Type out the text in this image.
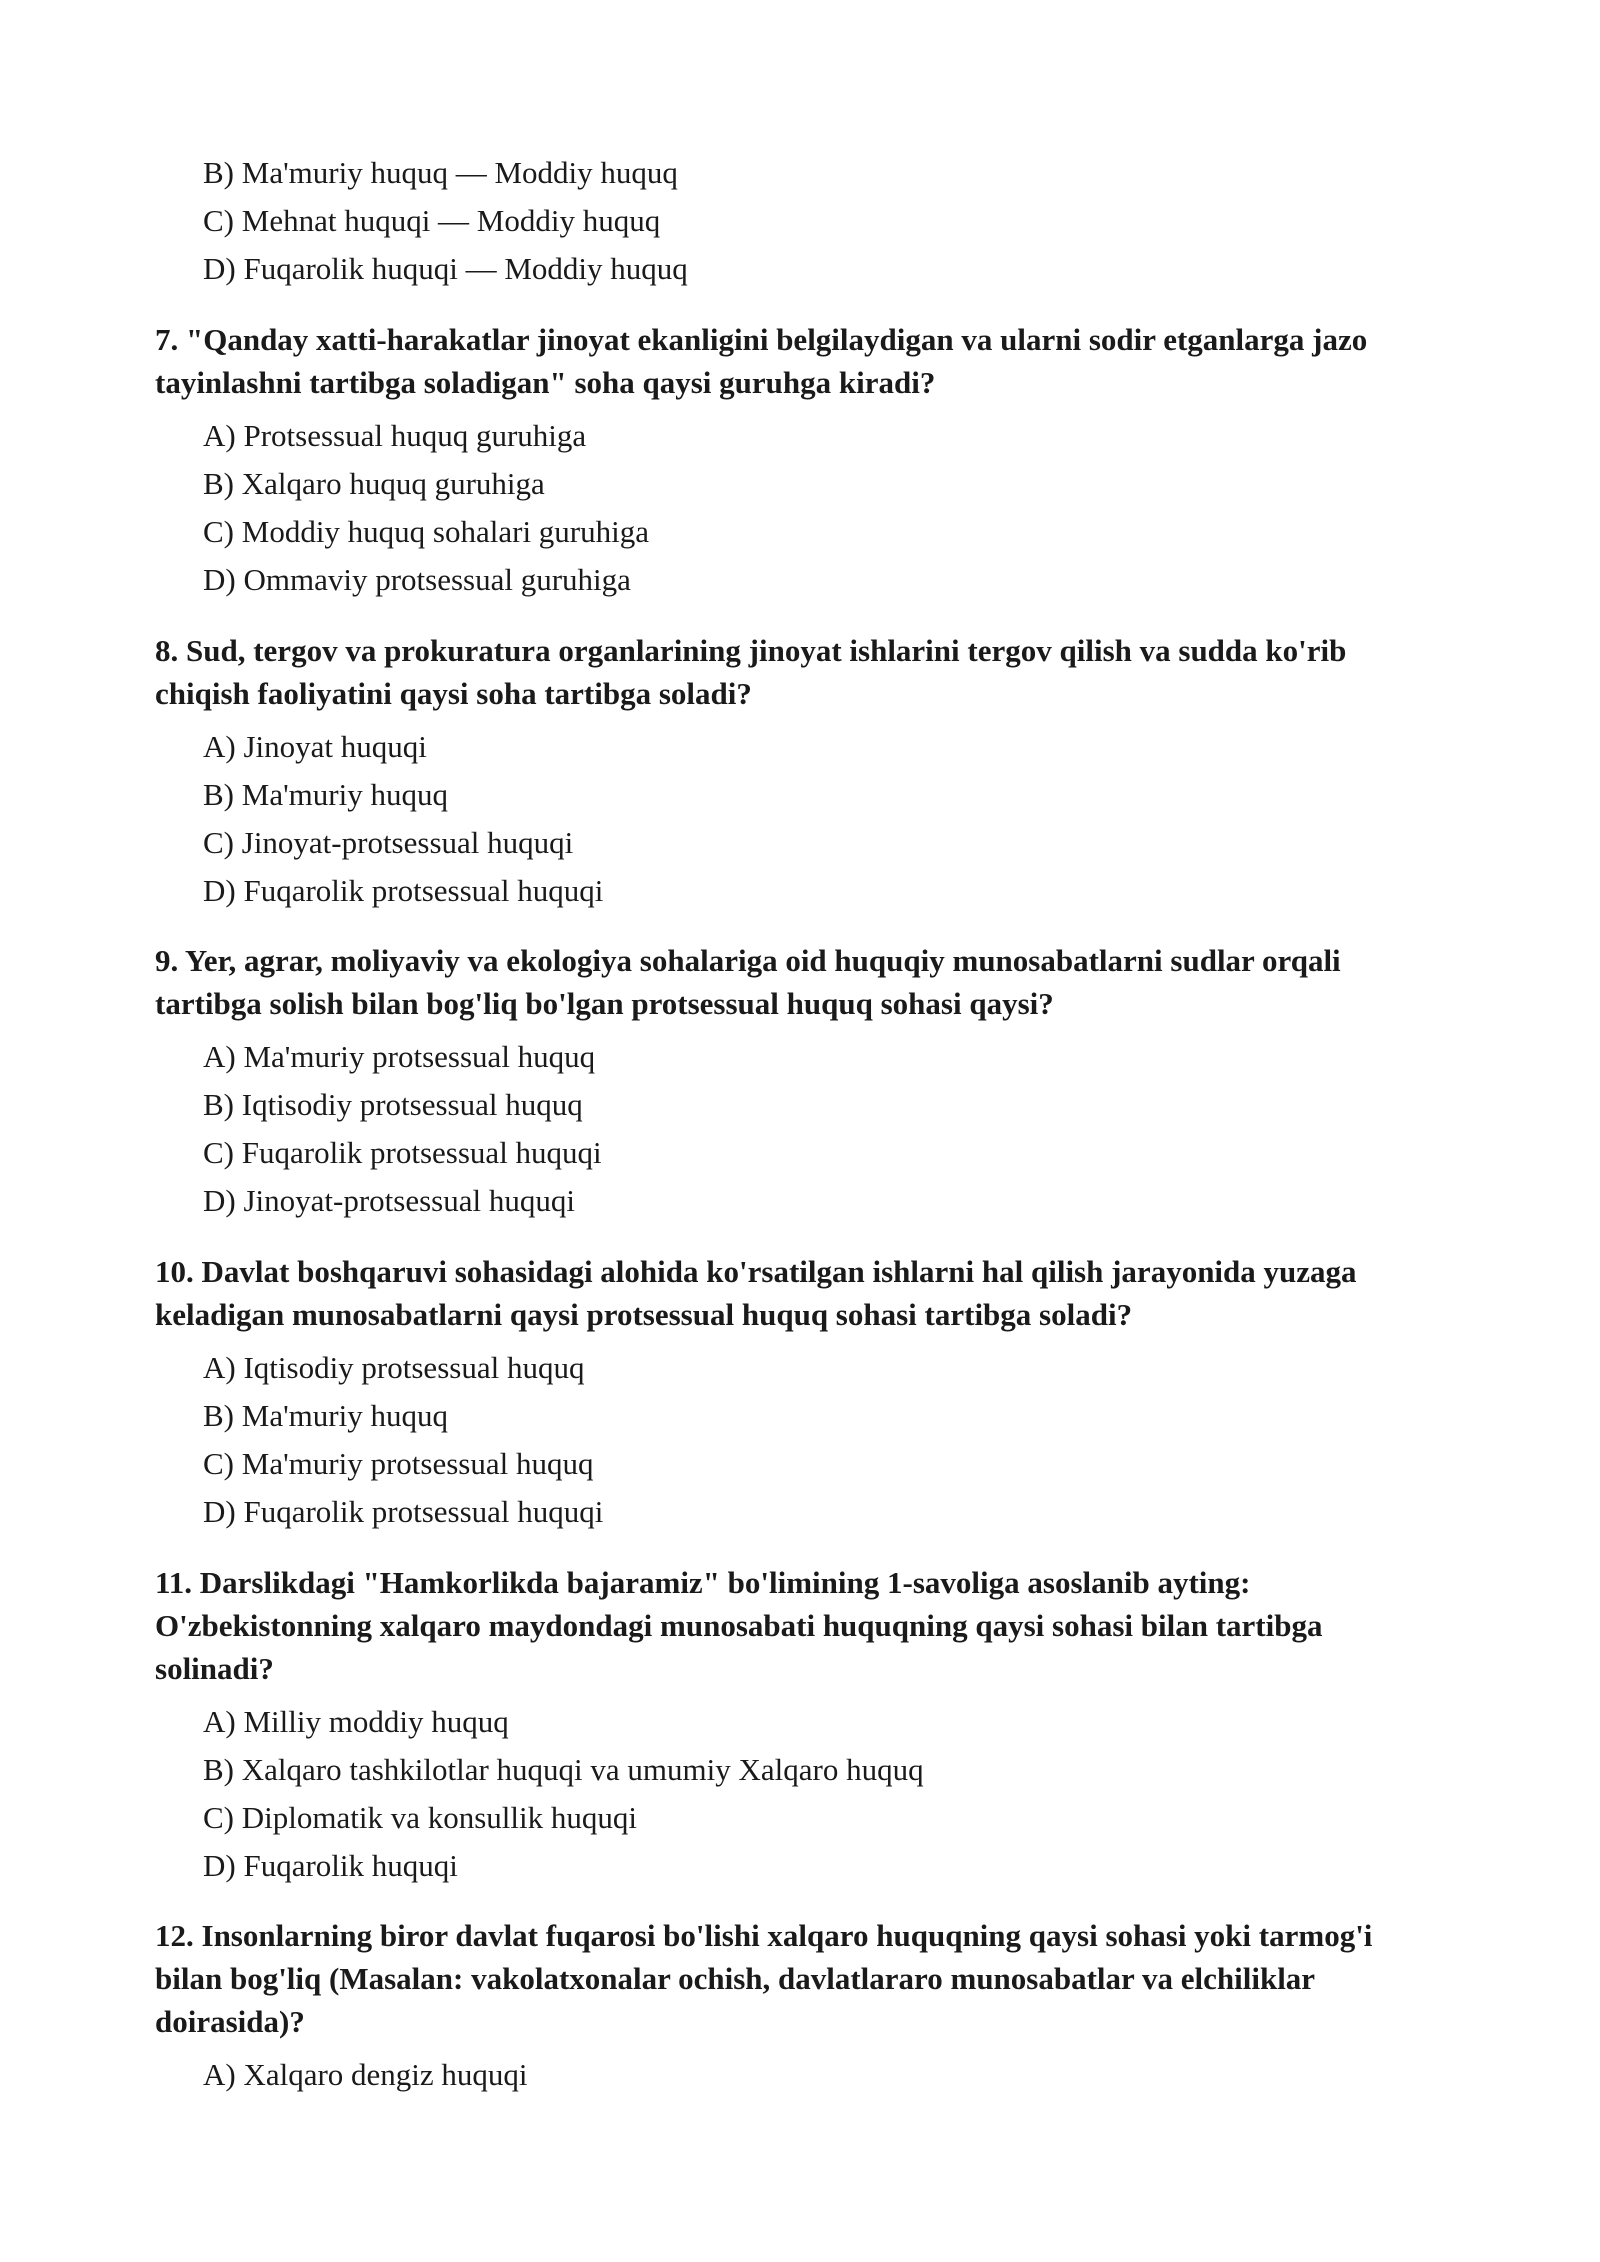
B) Ma'muriy huquq — Moddiy huquq
C) Mehnat huquqi — Moddiy huquq
D) Fuqarolik huquqi — Moddiy huquq
7. "Qanday xatti-harakatlar jinoyat ekanligini belgilaydigan va ularni sodir etganlarga jazo tayinlashni tartibga soladigan" soha qaysi guruhga kiradi?
A) Protsessual huquq guruhiga
B) Xalqaro huquq guruhiga
C) Moddiy huquq sohalari guruhiga
D) Ommaviy protsessual guruhiga
8. Sud, tergov va prokuratura organlarining jinoyat ishlarini tergov qilish va sudda ko'rib chiqish faoliyatini qaysi soha tartibga soladi?
A) Jinoyat huquqi
B) Ma'muriy huquq
C) Jinoyat-protsessual huquqi
D) Fuqarolik protsessual huquqi
9. Yer, agrar, moliyaviy va ekologiya sohalariga oid huquqiy munosabatlarni sudlar orqali tartibga solish bilan bog'liq bo'lgan protsessual huquq sohasi qaysi?
A) Ma'muriy protsessual huquq
B) Iqtisodiy protsessual huquq
C) Fuqarolik protsessual huquqi
D) Jinoyat-protsessual huquqi
10. Davlat boshqaruvi sohasidagi alohida ko'rsatilgan ishlarni hal qilish jarayonida yuzaga keladigan munosabatlarni qaysi protsessual huquq sohasi tartibga soladi?
A) Iqtisodiy protsessual huquq
B) Ma'muriy huquq
C) Ma'muriy protsessual huquq
D) Fuqarolik protsessual huquqi
11. Darslikdagi "Hamkorlikda bajaramiz" bo'limining 1-savoliga asoslanib ayting: O'zbekistonning xalqaro maydondagi munosabati huquqning qaysi sohasi bilan tartibga solinadi?
A) Milliy moddiy huquq
B) Xalqaro tashkilotlar huquqi va umumiy Xalqaro huquq
C) Diplomatik va konsullik huquqi
D) Fuqarolik huquqi
12. Insonlarning biror davlat fuqarosi bo'lishi xalqaro huquqning qaysi sohasi yoki tarmog'i bilan bog'liq (Masalan: vakolatxonalar ochish, davlatlararo munosabatlar va elchiliklar doirasida)?
A) Xalqaro dengiz huquqi
